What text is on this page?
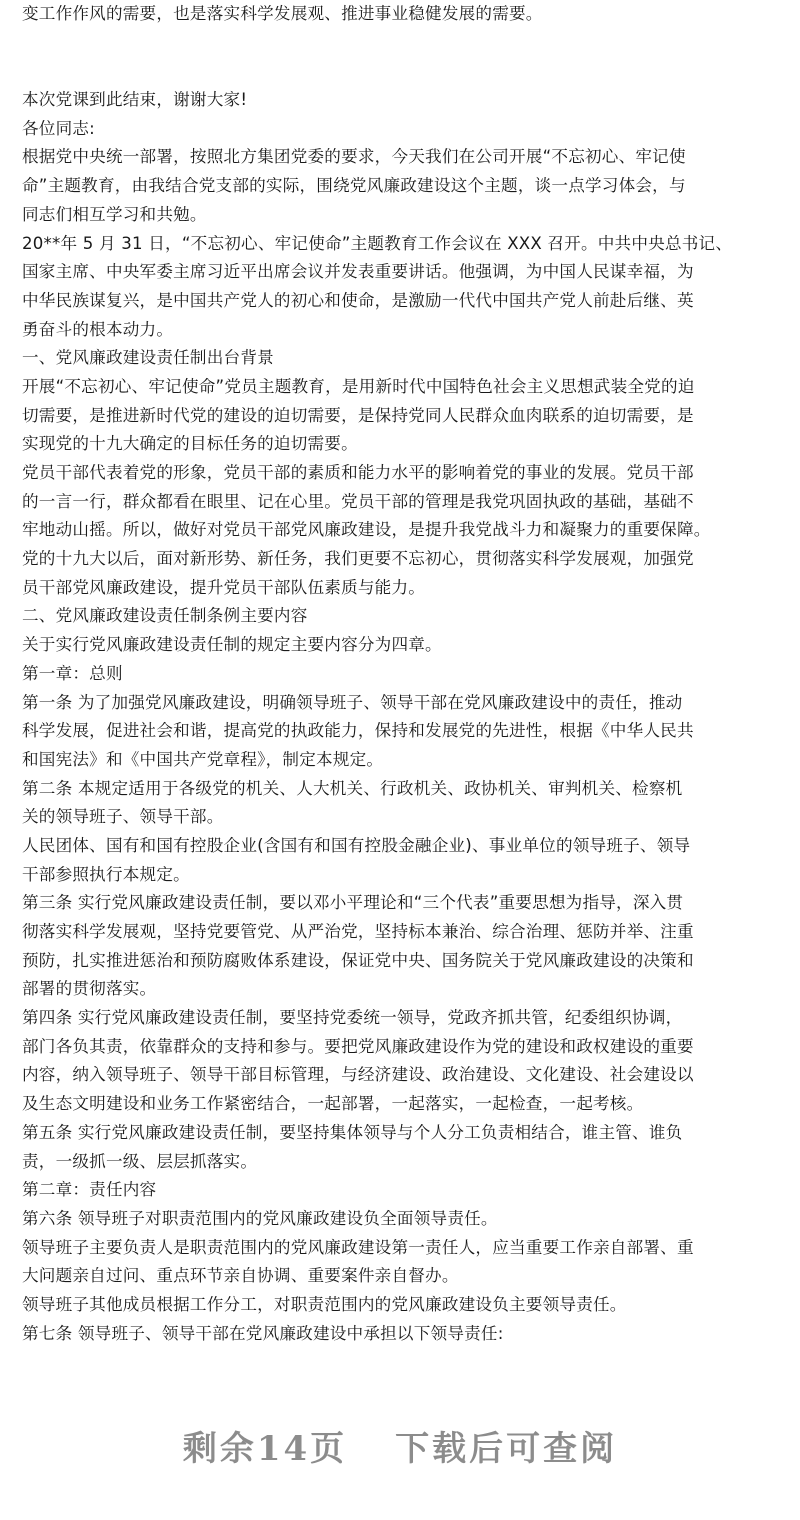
变工作作风的需要，也是落实科学发展观、推进事业稳健发展的需要。
本次党课到此结束，谢谢大家!
各位同志:
根据党中央统一部署，按照北方集团党委的要求，今天我们在公司开展“不忘初心、牢记使
命”主题教育，由我结合党支部的实际，围绕党风廉政建设这个主题，谈一点学习体会，与
同志们相互学习和共勉。
20**年 5 月 31 日，“不忘初心、牢记使命”主题教育工作会议在 XXX 召开。中共中央总书记、
国家主席、中央军委主席习近平出席会议并发表重要讲话。他强调，为中国人民谋幸福，为
中华民族谋复兴，是中国共产党人的初心和使命，是激励一代代中国共产党人前赴后继、英
勇奋斗的根本动力。
一、党风廉政建设责任制出台背景
开展“不忘初心、牢记使命”党员主题教育，是用新时代中国特色社会主义思想武装全党的迫
切需要，是推进新时代党的建设的迫切需要，是保持党同人民群众血肉联系的迫切需要，是
实现党的十九大确定的目标任务的迫切需要。
党员干部代表着党的形象，党员干部的素质和能力水平的影响着党的事业的发展。党员干部
的一言一行，群众都看在眼里、记在心里。党员干部的管理是我党巩固执政的基础，基础不
牢地动山摇。所以，做好对党员干部党风廉政建设，是提升我党战斗力和凝聚力的重要保障。
党的十九大以后，面对新形势、新任务，我们更要不忘初心，贯彻落实科学发展观，加强党
员干部党风廉政建设，提升党员干部队伍素质与能力。
二、党风廉政建设责任制条例主要内容
关于实行党风廉政建设责任制的规定主要内容分为四章。
第一章：总则
第一条 为了加强党风廉政建设，明确领导班子、领导干部在党风廉政建设中的责任，推动
科学发展，促进社会和谐，提高党的执政能力，保持和发展党的先进性，根据《中华人民共
和国宪法》和《中国共产党章程》，制定本规定。
第二条 本规定适用于各级党的机关、人大机关、行政机关、政协机关、审判机关、检察机
关的领导班子、领导干部。
人民团体、国有和国有控股企业(含国有和国有控股金融企业)、事业单位的领导班子、领导
干部参照执行本规定。
第三条 实行党风廉政建设责任制，要以邓小平理论和“三个代表”重要思想为指导，深入贯
彻落实科学发展观，坚持党要管党、从严治党，坚持标本兼治、综合治理、惩防并举、注重
预防，扎实推进惩治和预防腐败体系建设，保证党中央、国务院关于党风廉政建设的决策和
部署的贯彻落实。
第四条 实行党风廉政建设责任制，要坚持党委统一领导，党政齐抓共管，纪委组织协调，
部门各负其责，依靠群众的支持和参与。要把党风廉政建设作为党的建设和政权建设的重要
内容，纳入领导班子、领导干部目标管理，与经济建设、政治建设、文化建设、社会建设以
及生态文明建设和业务工作紧密结合，一起部署，一起落实，一起检查，一起考核。
第五条 实行党风廉政建设责任制，要坚持集体领导与个人分工负责相结合，谁主管、谁负
责，一级抓一级、层层抓落实。
第二章：责任内容
第六条 领导班子对职责范围内的党风廉政建设负全面领导责任。
领导班子主要负责人是职责范围内的党风廉政建设第一责任人，应当重要工作亲自部署、重
大问题亲自过问、重点环节亲自协调、重要案件亲自督办。
领导班子其他成员根据工作分工，对职责范围内的党风廉政建设负主要领导责任。
第七条 领导班子、领导干部在党风廉政建设中承担以下领导责任:
剩余14页 下载后可查阅
